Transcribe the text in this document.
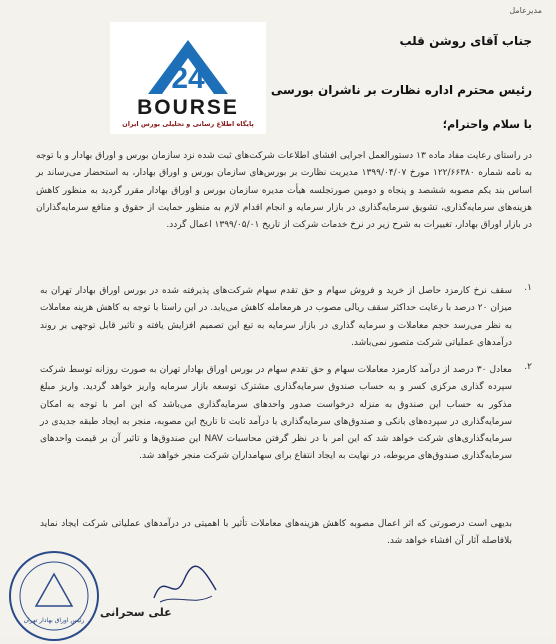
مدیرعامل
24
BOURSE
پایگاه اطلاع رسانی و تحلیلی بورس ایران
جناب آقای روشن قلب
رئیس محترم اداره نظارت بر ناشران بورسی
با سلام واحترام؛
در راستای رعایت مفاد ماده ۱۳ دستورالعمل اجرایی افشای اطلاعات شرکت‌های ثبت شده نزد سازمان بورس و اوراق بهادار و با توجه به نامه شماره ۱۲۲/۶۶۳۸۰ مورخ ۱۳۹۹/۰۴/۰۷ مدیریت نظارت بر بورس‌های سازمان بورس و اوراق بهادار، به استحضار می‌رساند بر اساس بند یکم مصوبه ششصد و پنجاه و دومین صورتجلسه هیأت مدیره سازمان بورس و اوراق بهادار مقرر گردید به منظور کاهش هزینه‌های سرمایه‌گذاری، تشویق سرمایه‌گذاری در بازار سرمایه و انجام اقدام لازم به منظور حمایت از حقوق و منافع سرمایه‌گذاران در بازار اوراق بهادار، تغییرات به شرح زیر در نرخ خدمات شرکت از تاریخ ۱۳۹۹/۰۵/۰۱ اعمال گردد.
.۱
سقف نرخ کارمزد حاصل از خرید و فروش سهام و حق تقدم سهام شرکت‌های پذیرفته شده در بورس اوراق بهادار تهران به میزان ۲۰ درصد با رعایت حداکثر سقف ریالی مصوب در هرمعامله کاهش می‌یابد. در این راستا با توجه به کاهش هزینه معاملات به نظر می‌رسد حجم معاملات و سرمایه گذاری در بازار سرمایه به تبع این تصمیم افزایش یافته و تاثیر قابل توجهی بر روند درآمدهای عملیاتی شرکت متصور نمی‌باشد.
.۲
معادل ۳۰ درصد از درآمد کارمزد معاملات سهام و حق تقدم سهام در بورس اوراق بهادار تهران به صورت روزانه توسط شرکت سپرده گذاری مرکزی کسر و به حساب صندوق سرمایه‌گذاری مشترک توسعه بازار سرمایه واریز خواهد گردید. واریز مبلغ مذکور به حساب این صندوق به منزله درخواست صدور واحدهای سرمایه‌گذاری می‌باشد که این امر با توجه به امکان سرمایه‌گذاری در سپرده‌های بانکی و صندوق‌های سرمایه‌گذاری با درآمد ثابت تا تاریخ این مصوبه، منجر به ایجاد طبقه جدیدی در سرمایه‌گذاری‌های شرکت خواهد شد که این امر با در نظر گرفتن محاسبات NAV این صندوق‌ها و تاثیر آن بر قیمت واحدهای سرمایه‌گذاری صندوق‌های مربوطه، در نهایت به ایجاد انتفاع برای سهامداران شرکت منجر خواهد شد.
بدیهی است درصورتی که اثر اعمال مصوبه کاهش هزینه‌های معاملات تأثیر با اهمیتی در درآمدهای عملیاتی شرکت ایجاد نماید بلافاصله آثار آن افشاء خواهد شد.
رئیس اوراق بهادار تهران
علی سحرانی
